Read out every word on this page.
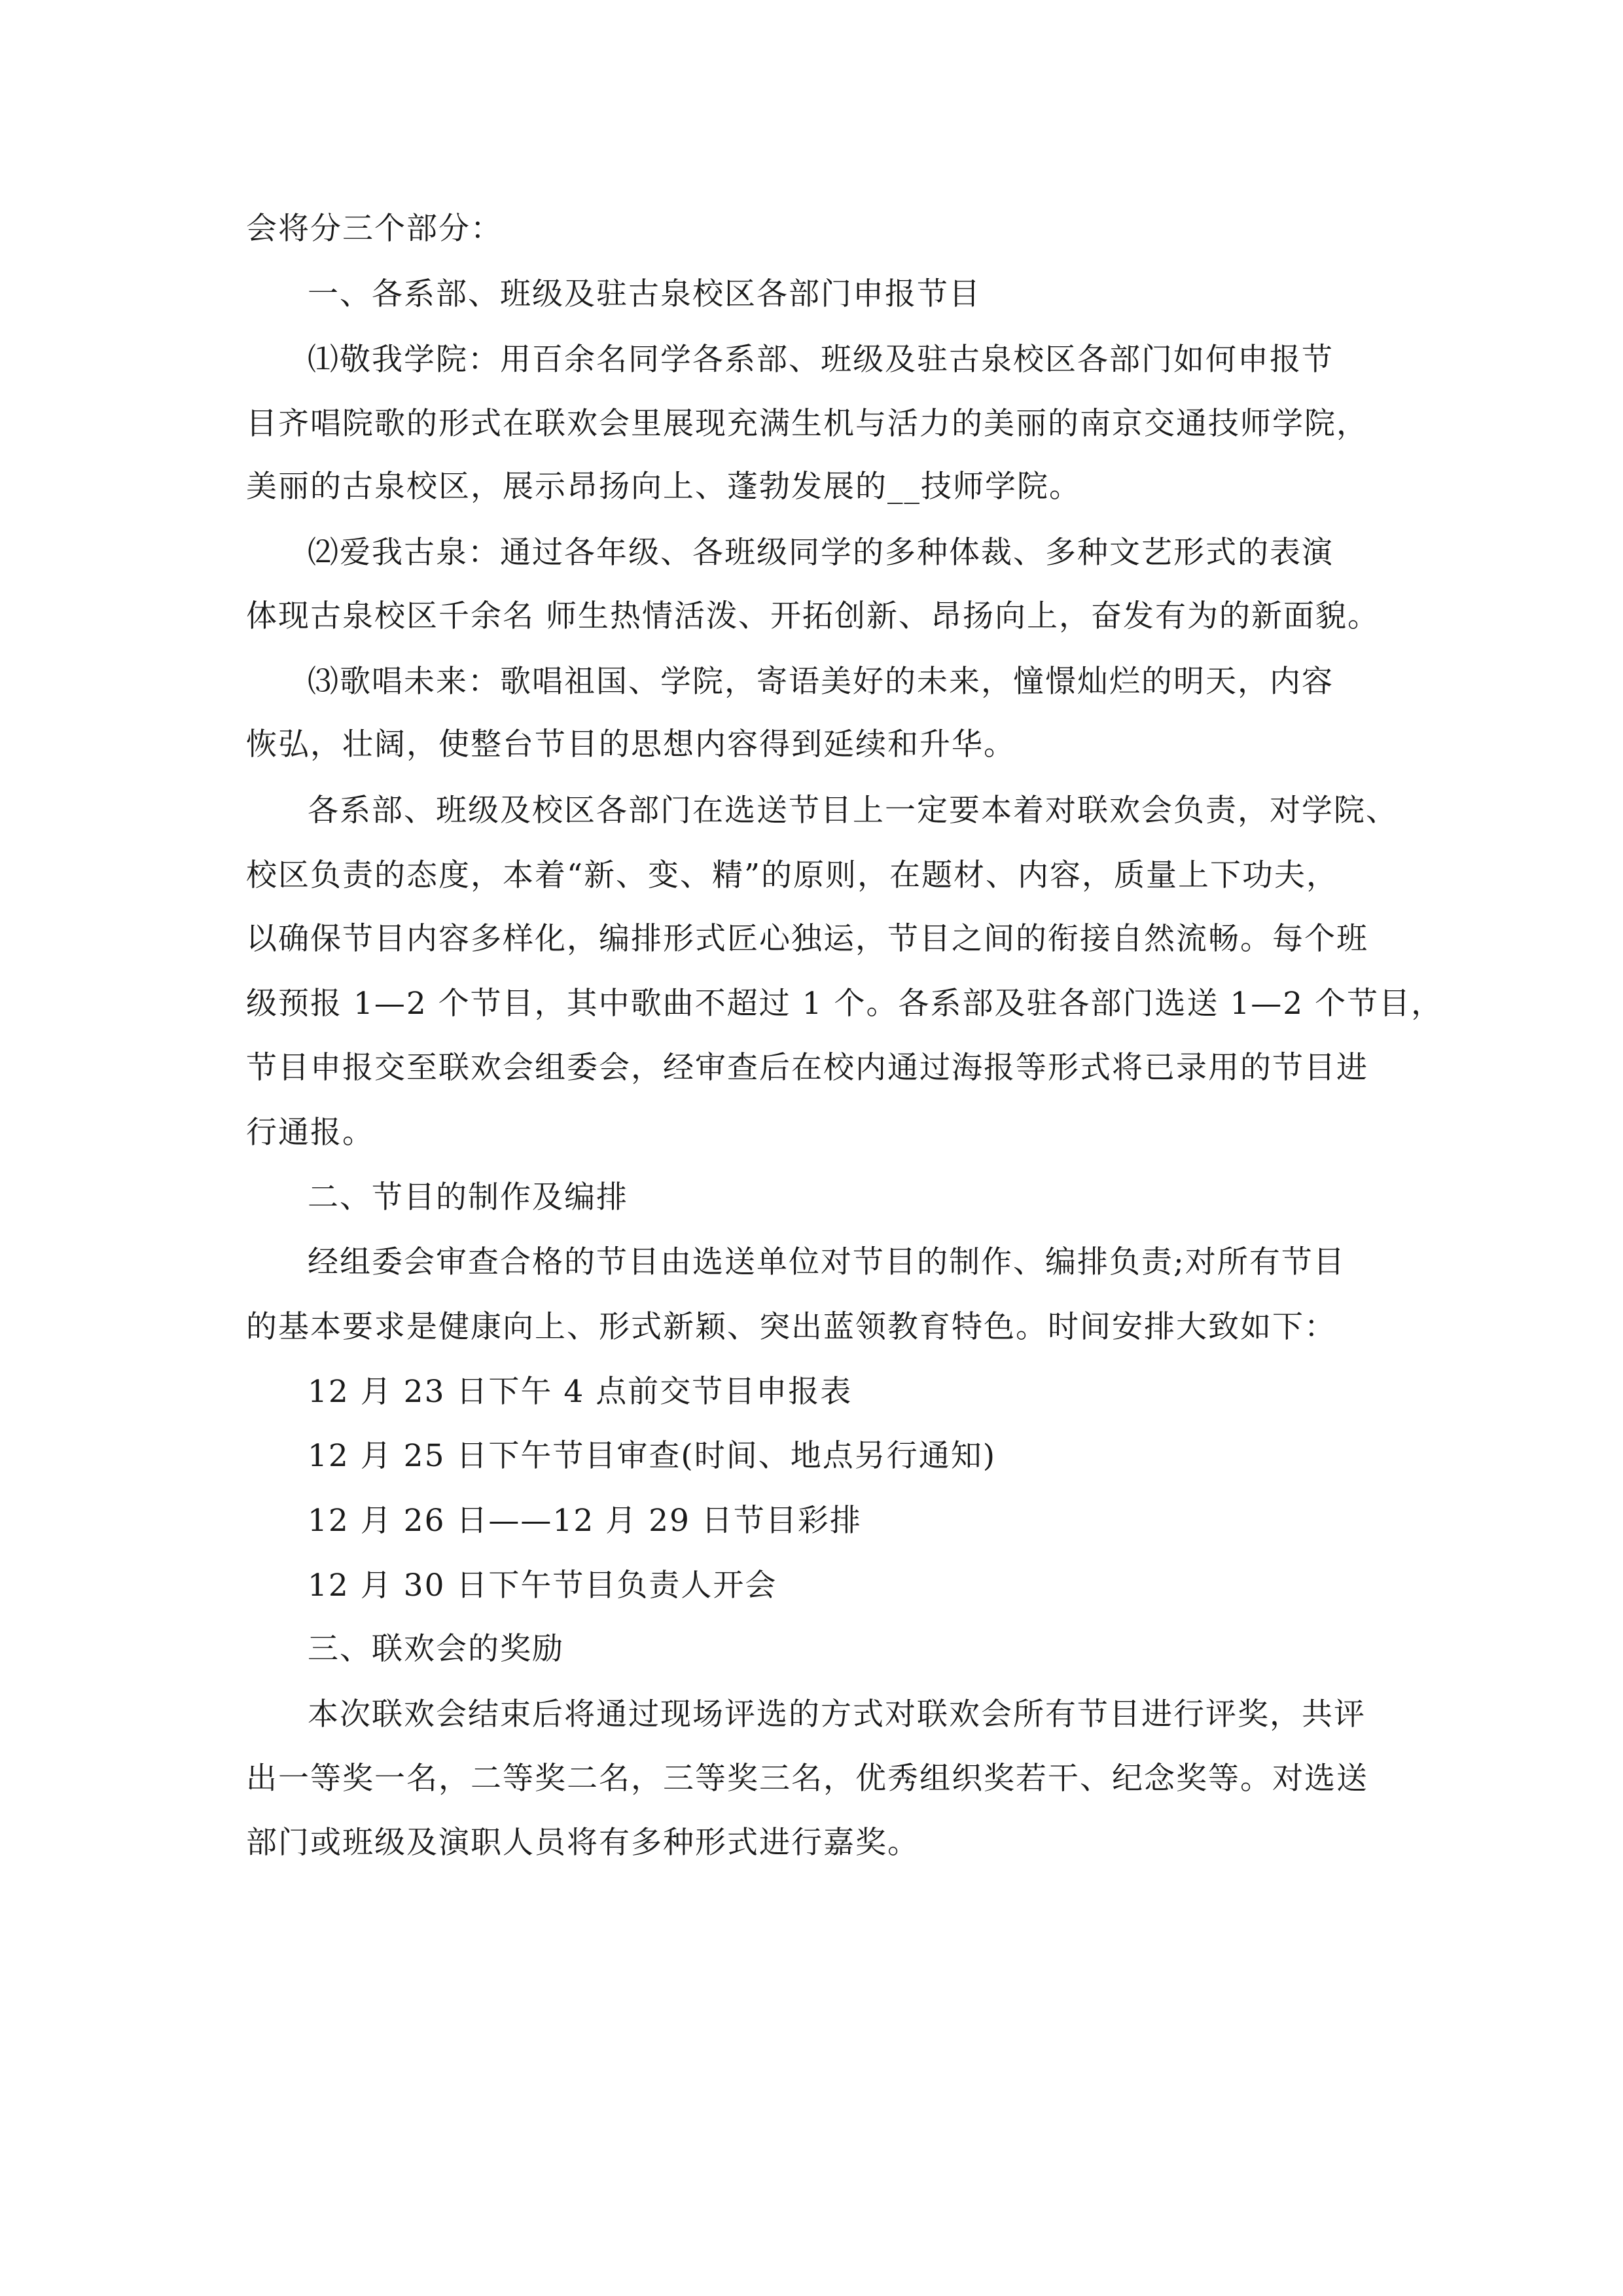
会将分三个部分：
一、各系部、班级及驻古泉校区各部门申报节目
⑴敬我学院：用百余名同学各系部、班级及驻古泉校区各部门如何申报节
目齐唱院歌的形式在联欢会里展现充满生机与活力的美丽的南京交通技师学院，
美丽的古泉校区，展示昂扬向上、蓬勃发展的__技师学院。
⑵爱我古泉：通过各年级、各班级同学的多种体裁、多种文艺形式的表演
体现古泉校区千余名 师生热情活泼、开拓创新、昂扬向上，奋发有为的新面貌。
⑶歌唱未来：歌唱祖国、学院，寄语美好的未来，憧憬灿烂的明天，内容
恢弘，壮阔，使整台节目的思想内容得到延续和升华。
各系部、班级及校区各部门在选送节目上一定要本着对联欢会负责，对学院、
校区负责的态度，本着“新、变、精”的原则，在题材、内容，质量上下功夫，
以确保节目内容多样化，编排形式匠心独运，节目之间的衔接自然流畅。每个班
级预报 1—2 个节目，其中歌曲不超过 1 个。各系部及驻各部门选送 1—2 个节目，
节目申报交至联欢会组委会，经审查后在校内通过海报等形式将已录用的节目进
行通报。
二、节目的制作及编排
经组委会审查合格的节目由选送单位对节目的制作、编排负责;对所有节目
的基本要求是健康向上、形式新颖、突出蓝领教育特色。时间安排大致如下：
12 月 23 日下午 4 点前交节目申报表
12 月 25 日下午节目审查(时间、地点另行通知)
12 月 26 日——12 月 29 日节目彩排
12 月 30 日下午节目负责人开会
三、联欢会的奖励
本次联欢会结束后将通过现场评选的方式对联欢会所有节目进行评奖，共评
出一等奖一名，二等奖二名，三等奖三名，优秀组织奖若干、纪念奖等。对选送
部门或班级及演职人员将有多种形式进行嘉奖。
